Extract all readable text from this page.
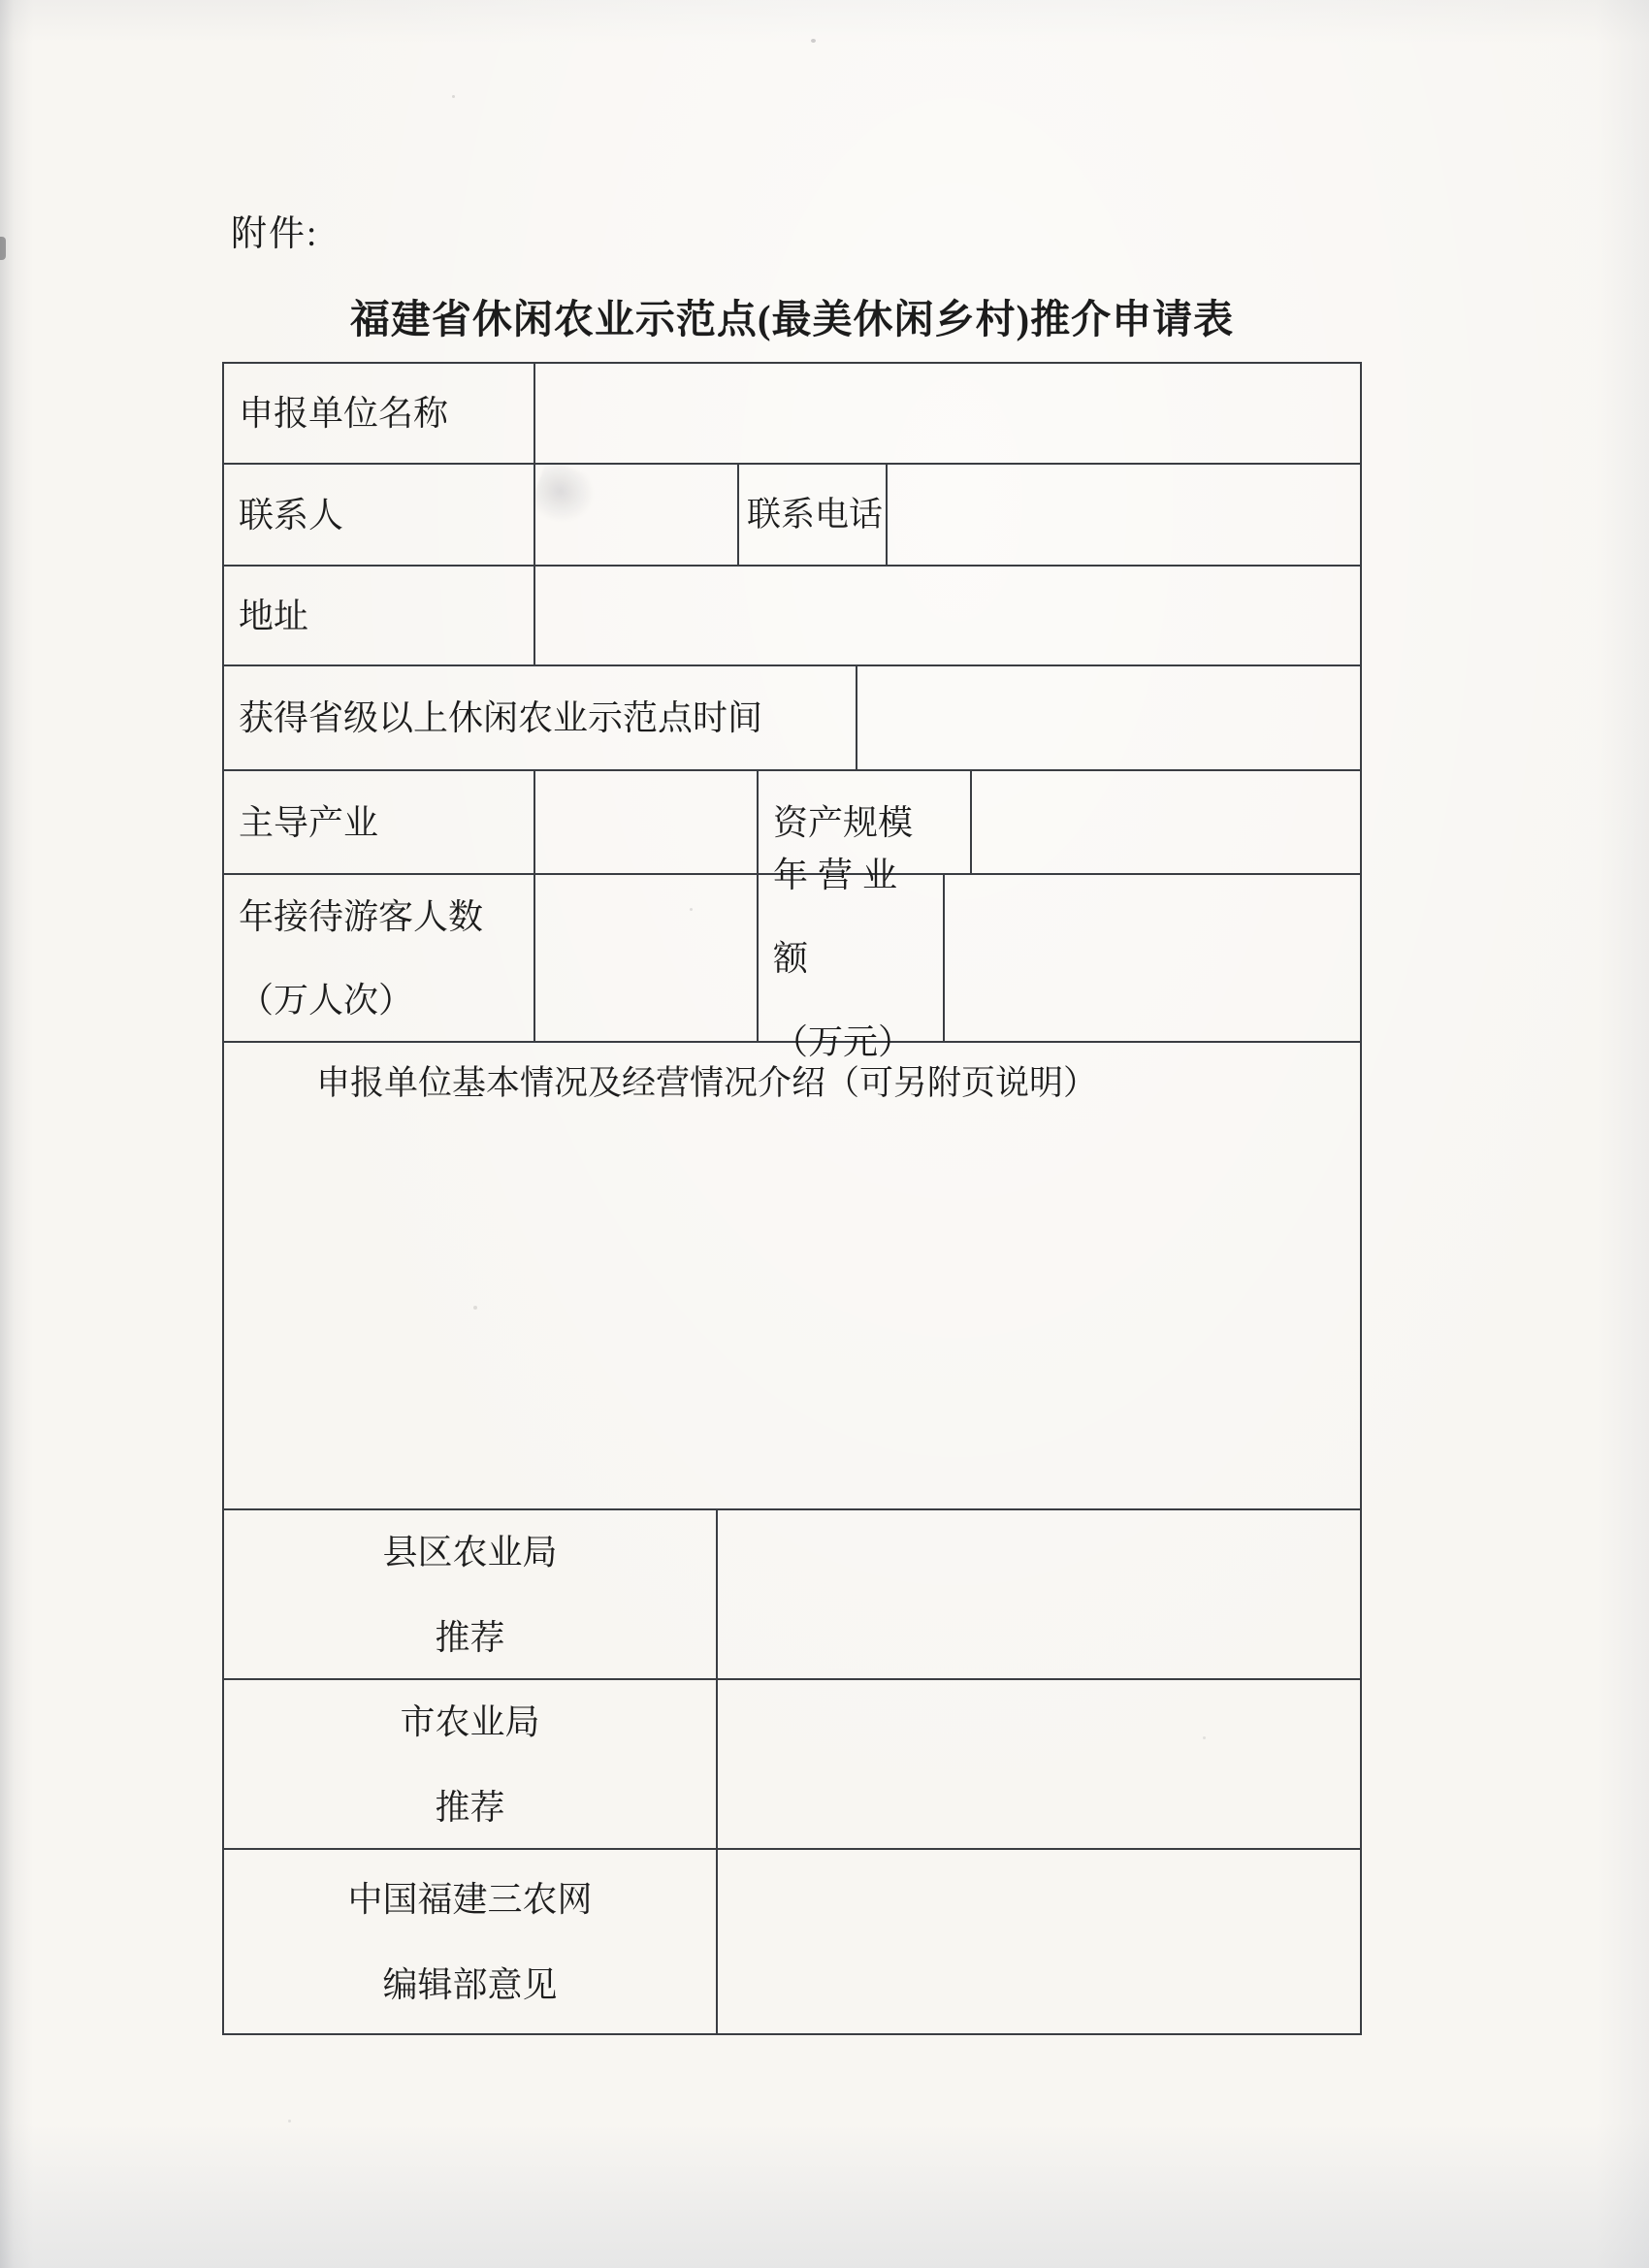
附件:
福建省休闲农业示范点(最美休闲乡村)推介申请表
申报单位名称
联系人	联系电话
地址
获得省级以上休闲农业示范点时间
主导产业	资产规模
年接待游客人数
（万人次）
年营业额
（万元）
申报单位基本情况及经营情况介绍（可另附页说明）
县区农业局
推荐
市农业局
推荐
中国福建三农网
编辑部意见
